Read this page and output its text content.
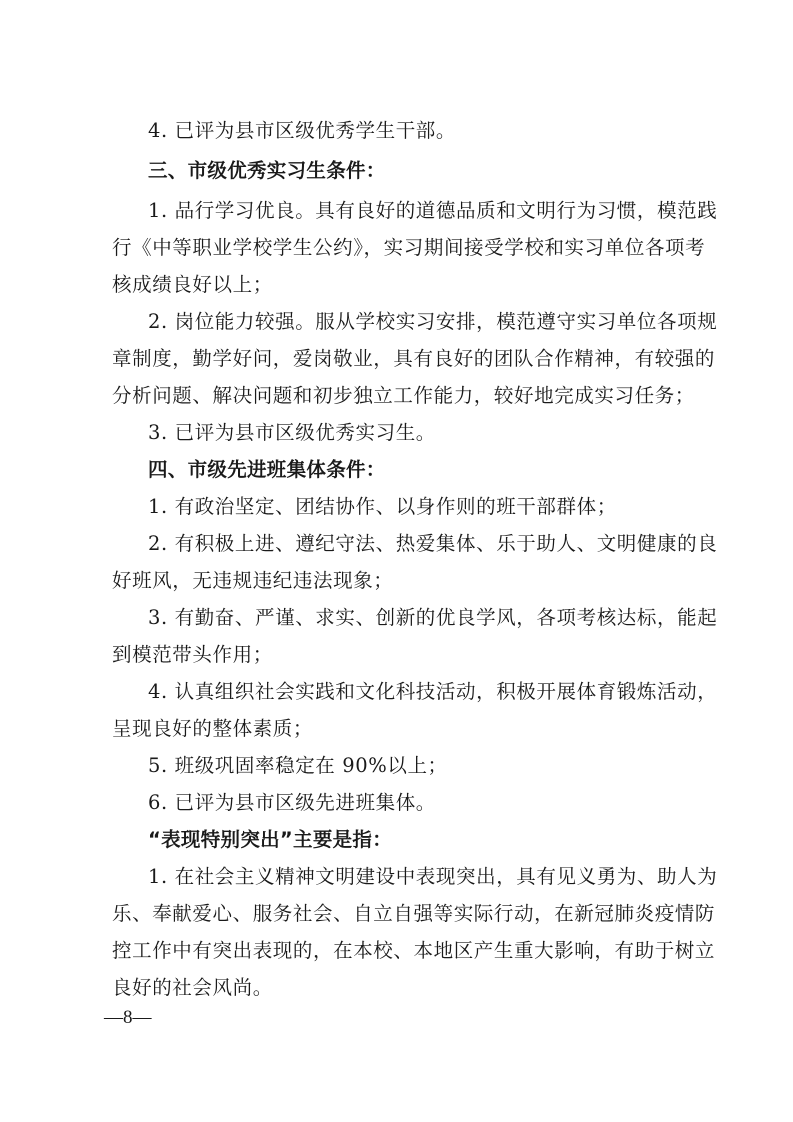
4. 已评为县市区级优秀学生干部。
三、市级优秀实习生条件：
1. 品行学习优良。具有良好的道德品质和文明行为习惯，模范践
行《中等职业学校学生公约》，实习期间接受学校和实习单位各项考
核成绩良好以上；
2. 岗位能力较强。服从学校实习安排，模范遵守实习单位各项规
章制度，勤学好问，爱岗敬业，具有良好的团队合作精神，有较强的
分析问题、解决问题和初步独立工作能力，较好地完成实习任务；
3. 已评为县市区级优秀实习生。
四、市级先进班集体条件：
1. 有政治坚定、团结协作、以身作则的班干部群体；
2. 有积极上进、遵纪守法、热爱集体、乐于助人、文明健康的良
好班风，无违规违纪违法现象；
3. 有勤奋、严谨、求实、创新的优良学风，各项考核达标，能起
到模范带头作用；
4. 认真组织社会实践和文化科技活动，积极开展体育锻炼活动，
呈现良好的整体素质；
5. 班级巩固率稳定在 90%以上；
6. 已评为县市区级先进班集体。
“表现特别突出”主要是指：
1. 在社会主义精神文明建设中表现突出，具有见义勇为、助人为
乐、奉献爱心、服务社会、自立自强等实际行动，在新冠肺炎疫情防
控工作中有突出表现的，在本校、本地区产生重大影响，有助于树立
良好的社会风尚。
—8—
